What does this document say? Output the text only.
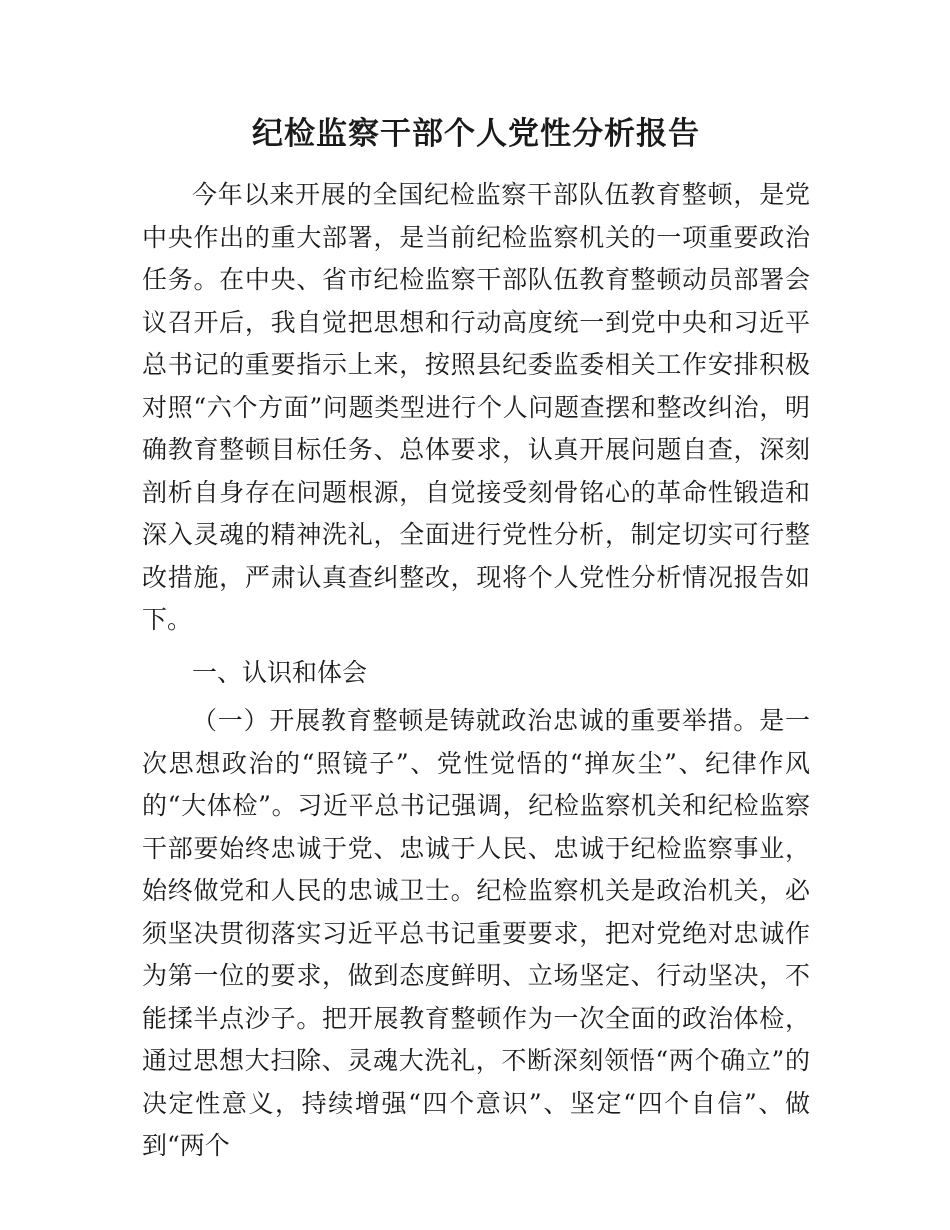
纪检监察干部个人党性分析报告

今年以来开展的全国纪检监察干部队伍教育整顿，是党中央作出的重大部署，是当前纪检监察机关的一项重要政治任务。在中央、省市纪检监察干部队伍教育整顿动员部署会议召开后，我自觉把思想和行动高度统一到党中央和习近平总书记的重要指示上来，按照县纪委监委相关工作安排积极对照“六个方面”问题类型进行个人问题查摆和整改纠治，明确教育整顿目标任务、总体要求，认真开展问题自查，深刻剖析自身存在问题根源，自觉接受刻骨铭心的革命性锻造和深入灵魂的精神洗礼，全面进行党性分析，制定切实可行整改措施，严肃认真查纠整改，现将个人党性分析情况报告如下。

一、认识和体会

（一）开展教育整顿是铸就政治忠诚的重要举措。是一次思想政治的“照镜子”、党性觉悟的“掸灰尘”、纪律作风的“大体检”。习近平总书记强调，纪检监察机关和纪检监察干部要始终忠诚于党、忠诚于人民、忠诚于纪检监察事业，始终做党和人民的忠诚卫士。纪检监察机关是政治机关，必须坚决贯彻落实习近平总书记重要要求，把对党绝对忠诚作为第一位的要求，做到态度鲜明、立场坚定、行动坚决，不能揉半点沙子。把开展教育整顿作为一次全面的政治体检，通过思想大扫除、灵魂大洗礼，不断深刻领悟“两个确立”的决定性意义，持续增强“四个意识”、坚定“四个自信”、做到“两个
